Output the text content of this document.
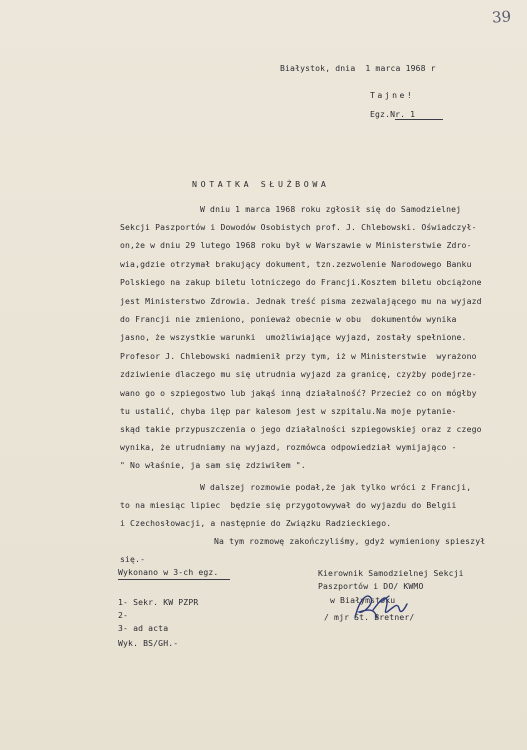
39
Białystok, dnia  1 marca 1968 r
Tajne!
Egz.Nr. 1
NOTATKA SŁUŻBOWA
W dniu 1 marca 1968 roku zgłosił się do Samodzielnej
Sekcji Paszportów i Dowodów Osobistych prof. J. Chlebowski. Oświadczył-
on,że w dniu 29 lutego 1968 roku był w Warszawie w Ministerstwie Zdro-
wia,gdzie otrzymał brakujący dokument, tzn.zezwolenie Narodowego Banku
Polskiego na zakup biletu lotniczego do Francji.Kosztem biletu obciążone
jest Ministerstwo Zdrowia. Jednak treść pisma zezwalającego mu na wyjazd
do Francji nie zmieniono, ponieważ obecnie w obu  dokumentów wynika
jasno, że wszystkie warunki  umożliwiające wyjazd, zostały spełnione.
Profesor J. Chlebowski nadmienił przy tym, iż w Ministerstwie  wyrażono
zdziwienie dlaczego mu się utrudnia wyjazd za granicę, czyżby podejrze-
wano go o szpiegostwo lub jakąś inną działalność? Przecież co on mógłby
tu ustalić, chyba ilęp par kalesom jest w szpitalu.Na moje pytanie-
skąd takie przypuszczenia o jego działalności szpiegowskiej oraz z czego
wynika, że utrudniamy na wyjazd, rozmówca odpowiedział wymijająco -
" No właśnie, ja sam się zdziwiłem ".
W dalszej rozmowie podał,że jak tylko wróci z Francji,
to na miesiąc lipiec  będzie się przygotowywał do wyjazdu do Belgii
i Czechosłowacji, a następnie do Związku Radzieckiego.
Na tym rozmowę zakończyliśmy, gdyż wymieniony spieszył
się.-
Wykonano w 3-ch egz.
1- Sekr. KW PZPR
2-
3- ad acta
Wyk. BS/GH.-
Kierownik Samodzielnej Sekcji
Paszportów i DO/ KWMO
w Białymstoku
/ mjr St. Bretner/
